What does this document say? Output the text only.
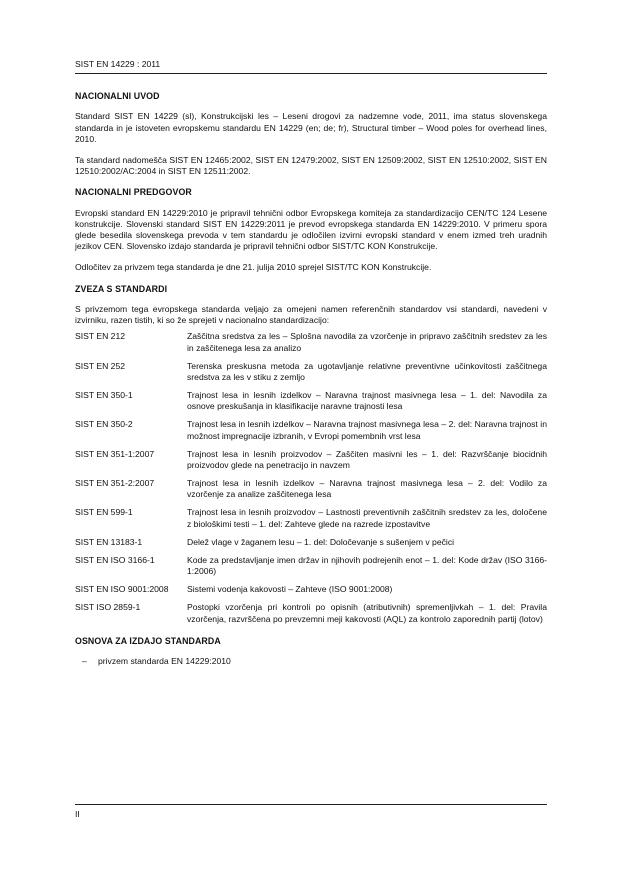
SIST EN 14229 : 2011
NACIONALNI UVOD

Standard SIST EN 14229 (sl), Konstrukcijski les – Leseni drogovi za nadzemne vode, 2011, ima status slovenskega standarda in je istoveten evropskemu standardu EN 14229 (en; de; fr), Structural timber – Wood poles for overhead lines, 2010.

Ta standard nadomešča SIST EN 12465:2002, SIST EN 12479:2002, SIST EN 12509:2002, SIST EN 12510:2002, SIST EN 12510:2002/AC:2004 in SIST EN 12511:2002.

NACIONALNI PREDGOVOR

Evropski standard EN 14229:2010 je pripravil tehnični odbor Evropskega komiteja za standardizacijo CEN/TC 124 Lesene konstrukcije. Slovenski standard SIST EN 14229:2011 je prevod evropskega standarda EN 14229:2010. V primeru spora glede besedila slovenskega prevoda v tem standardu je odločilen izvirni evropski standard v enem izmed treh uradnih jezikov CEN. Slovensko izdajo standarda je pripravil tehnični odbor SIST/TC KON Konstrukcije.

Odločitev za privzem tega standarda je dne 21. julija 2010 sprejel SIST/TC KON Konstrukcije.

ZVEZA S STANDARDI

S privzemom tega evropskega standarda veljajo za omejeni namen referenčnih standardov vsi standardi, navedeni v izvirniku, razen tistih, ki so že sprejeti v nacionalno standardizacijo:

SIST EN 212	Zaščitna sredstva za les – Splošna navodila za vzorčenje in pripravo zaščitnih sredstev za les in zaščitenega lesa za analizo
SIST EN 252	Terenska preskusna metoda za ugotavljanje relativne preventivne učinkovitosti zaščitnega sredstva za les v stiku z zemljo
SIST EN 350-1	Trajnost lesa in lesnih izdelkov – Naravna trajnost masivnega lesa – 1. del: Navodila za osnove preskušanja in klasifikacije naravne trajnosti lesa
SIST EN 350-2	Trajnost lesa in lesnih izdelkov – Naravna trajnost masivnega lesa – 2. del: Naravna trajnost in možnost impregnacije izbranih, v Evropi pomembnih vrst lesa
SIST EN 351-1:2007	Trajnost lesa in lesnih proizvodov – Zaščiten masivni les – 1. del: Razvrščanje biocidnih proizvodov glede na penetracijo in navzem
SIST EN 351-2:2007	Trajnost lesa in lesnih izdelkov – Naravna trajnost masivnega lesa – 2. del: Vodilo za vzorčenje za analize zaščitenega lesa
SIST EN 599-1	Trajnost lesa in lesnih proizvodov – Lastnosti preventivnih zaščitnih sredstev za les, določene z biološkimi testi – 1. del: Zahteve glede na razrede izpostavitve
SIST EN 13183-1	Delež vlage v žaganem lesu – 1. del: Določevanje s sušenjem v pečici
SIST EN ISO 3166-1	Kode za predstavljanje imen držav in njihovih podrejenih enot – 1. del: Kode držav (ISO 3166-1:2006)
SIST EN ISO 9001:2008	Sistemi vodenja kakovosti – Zahteve (ISO 9001:2008)
SIST ISO 2859-1	Postopki vzorčenja pri kontroli po opisnih (atributivnih) spremenljivkah – 1. del: Pravila vzorčenja, razvrščena po prevzemni meji kakovosti (AQL) za kontrolo zaporednih partij (lotov)
OSNOVA ZA IZDAJO STANDARDA
– privzem standarda EN 14229:2010
II
